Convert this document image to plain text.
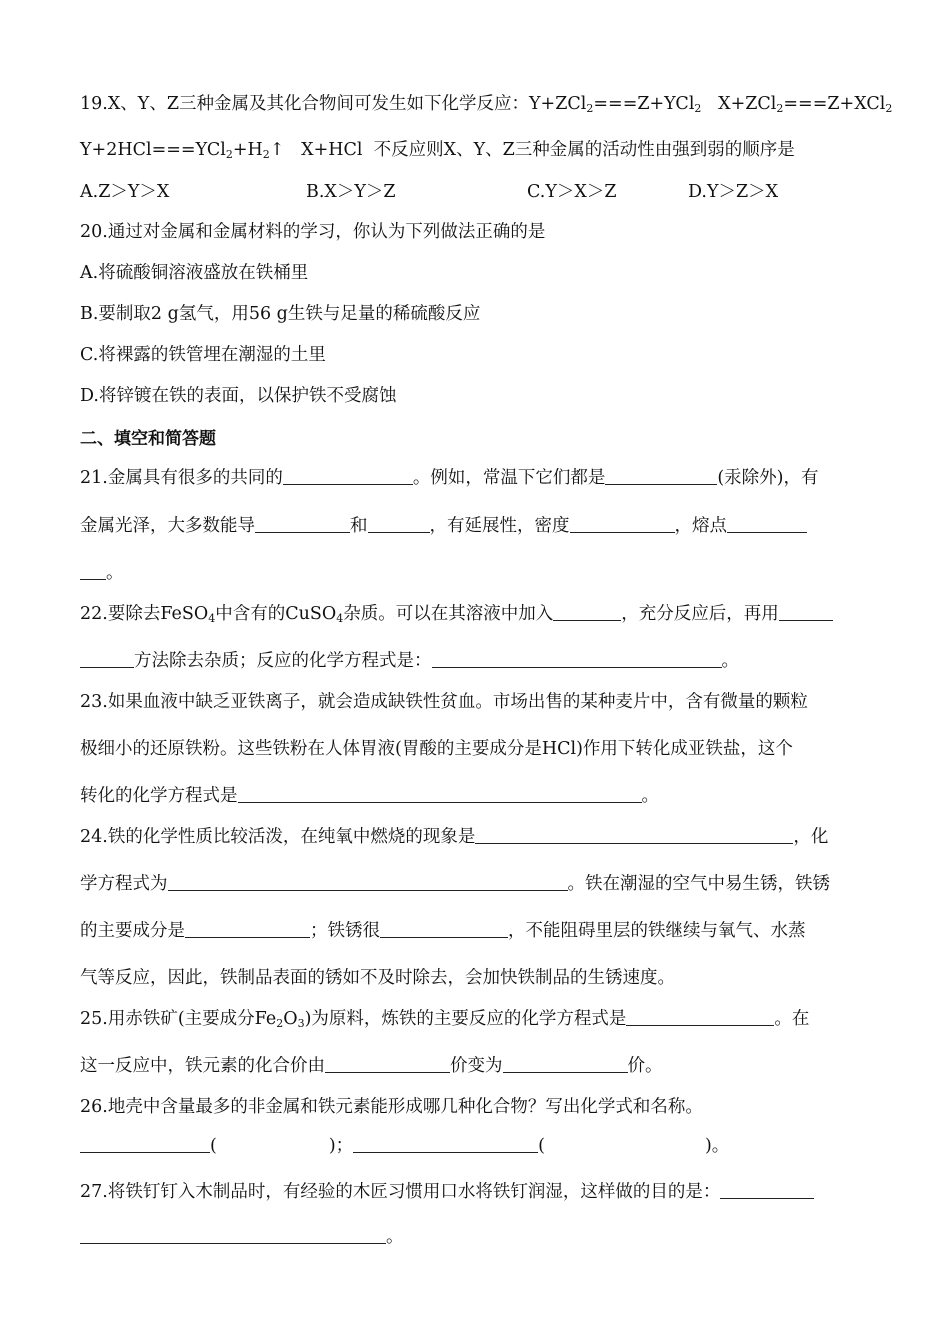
19.X、Y、Z三种金属及其化合物间可发生如下化学反应：Y+ZCl$_2$===Z+YCl$_2$   X+ZCl$_2$===Z+XCl$_2$
$Y+2HCl===YCl_2+H_2↑$   X+HCl  不反应则X、Y、Z三种金属的活动性由强到弱的顺序是
A.Z＞Y＞X	B.X＞Y＞Z	C.Y＞X＞Z	D.Y＞Z＞X
20.通过对金属和金属材料的学习，你认为下列做法正确的是
A.将硫酸铜溶液盛放在铁桶里
B.要制取2 g氢气，用56 g生铁与足量的稀硫酸反应
C.将裸露的铁管埋在潮湿的土里
D.将锌镀在铁的表面，以保护铁不受腐蚀
二、填空和简答题
21.金属具有很多的共同的	。例如，常温下它们都是	(汞除外)，有
金属光泽，大多数能导	和	，有延展性，密度	，熔点
。
22.要除去FeSO$_4$中含有的CuSO$_4$杂质。可以在其溶液中加入	，充分反应后，再用
方法除去杂质；反应的化学方程式是：	。
23.如果血液中缺乏亚铁离子，就会造成缺铁性贫血。市场出售的某种麦片中，含有微量的颗粒
极细小的还原铁粉。这些铁粉在人体胃液(胃酸的主要成分是HCl)作用下转化成亚铁盐，这个
转化的化学方程式是	。
24.铁的化学性质比较活泼，在纯氧中燃烧的现象是	，化
学方程式为	。铁在潮湿的空气中易生锈，铁锈
的主要成分是	；铁锈很	，不能阻碍里层的铁继续与氧气、水蒸
气等反应，因此，铁制品表面的锈如不及时除去，会加快铁制品的生锈速度。
25.用赤铁矿(主要成分$Fe_2O_3$)为原料，炼铁的主要反应的化学方程式是	。在
这一反应中，铁元素的化合价由	价变为	价。
26.地壳中含量最多的非金属和铁元素能形成哪几种化合物？写出化学式和名称。
(	)；	(	)。
27.将铁钉钉入木制品时，有经验的木匠习惯用口水将铁钉润湿，这样做的目的是：
。
